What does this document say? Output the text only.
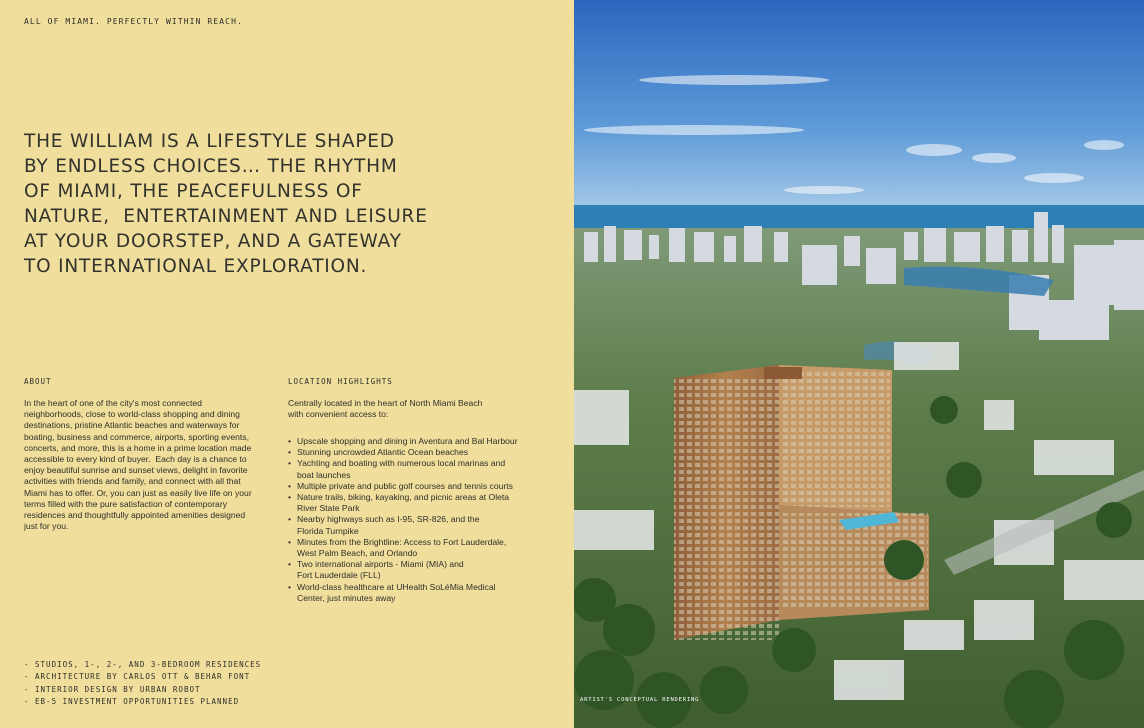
ALL OF MIAMI. PERFECTLY WITHIN REACH.
THE WILLIAM IS A LIFESTYLE SHAPED
BY ENDLESS CHOICES… THE RHYTHM
OF MIAMI, THE PEACEFULNESS OF
NATURE,  ENTERTAINMENT AND LEISURE
AT YOUR DOORSTEP, AND A GATEWAY
TO INTERNATIONAL EXPLORATION.
ABOUT
In the heart of one of the city's most connected
neighborhoods, close to world-class shopping and dining
destinations, pristine Atlantic beaches and waterways for
boating, business and commerce, airports, sporting events,
concerts, and more, this is a home in a prime location made
accessible to every kind of buyer.  Each day is a chance to
enjoy beautiful sunrise and sunset views, delight in favorite
activities with friends and family, and connect with all that
Miami has to offer. Or, you can just as easily live life on your
terms filled with the pure satisfaction of contemporary
residences and thoughtfully appointed amenities designed
just for you.
LOCATION HIGHLIGHTS
Centrally located in the heart of North Miami Beach
with convenient access to:
• Upscale shopping and dining in Aventura and Bal Harbour
• Stunning uncrowded Atlantic Ocean beaches
• Yachting and boating with numerous local marinas and
boat launches
• Multiple private and public golf courses and tennis courts
• Nature trails, biking, kayaking, and picnic areas at Oleta
River State Park
• Nearby highways such as I-95, SR-826, and the
Florida Turnpike
• Minutes from the Brightline: Access to Fort Lauderdale,
West Palm Beach, and Orlando
• Two international airports - Miami (MIA) and
Fort Lauderdale (FLL)
• World-class healthcare at UHealth SoLéMia Medical
Center, just minutes away
- STUDIOS, 1-, 2-, AND 3-BEDROOM RESIDENCES
- ARCHITECTURE BY CARLOS OTT & BEHAR FONT
- INTERIOR DESIGN BY URBAN ROBOT
- EB-5 INVESTMENT OPPORTUNITIES PLANNED	ARTIST'S CONCEPTUAL RENDERING
